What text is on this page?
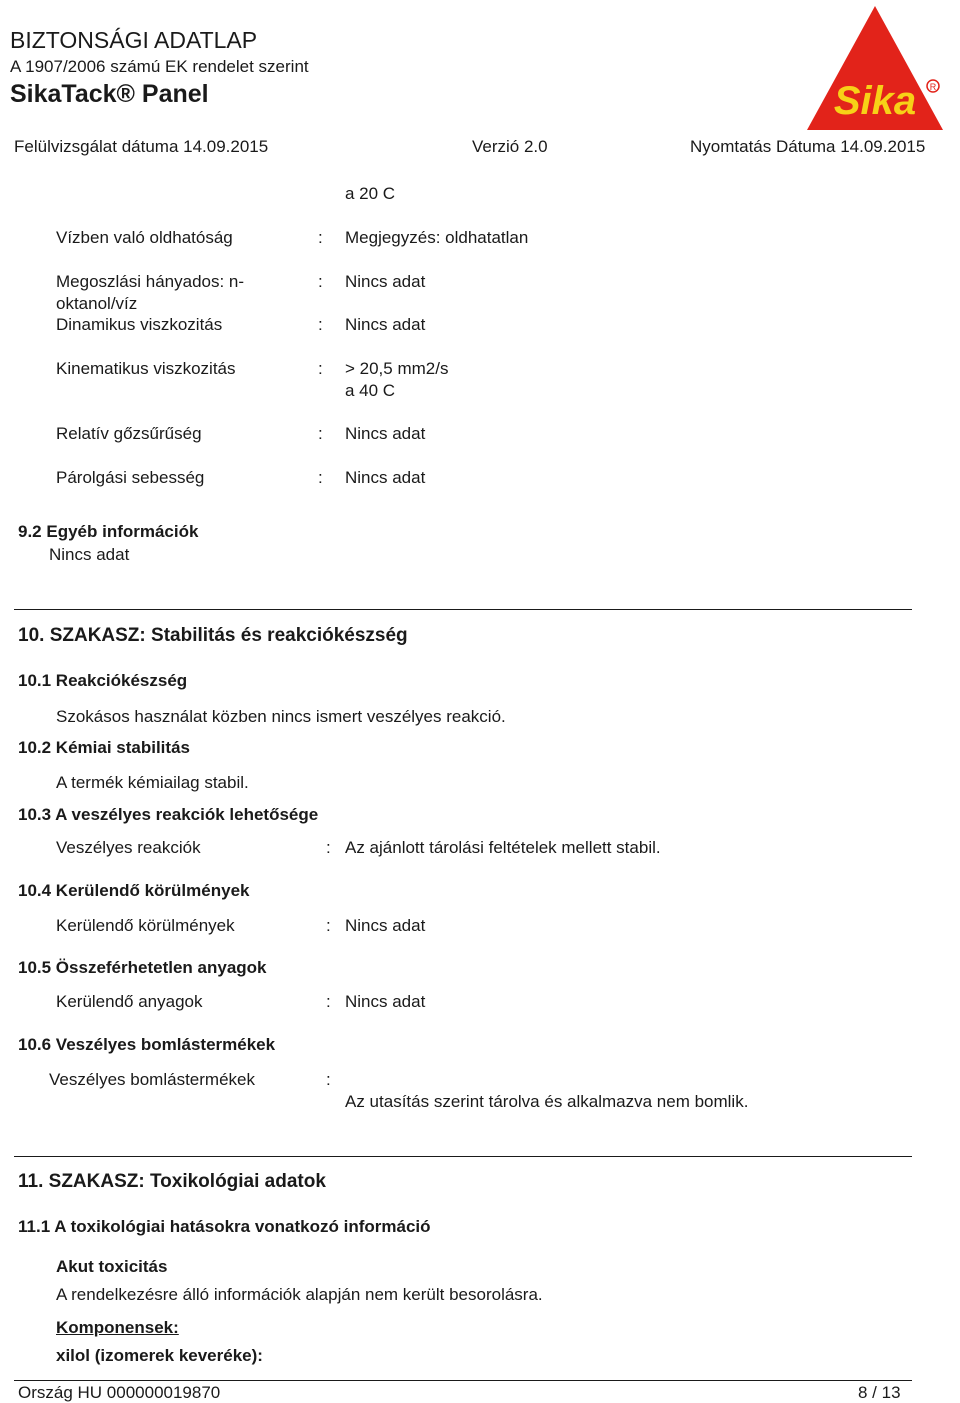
BIZTONSÁGI ADATLAP
A 1907/2006 számú EK rendelet szerint
SikaTack® Panel
Felülvizsgálat dátuma 14.09.2015	Verzió 2.0	Nyomtatás Dátuma 14.09.2015
Sika R
a 20 C
Vízben való oldhatóság	: Megjegyzés: oldhatatlan
Megoszlási hányados: n-
oktanol/víz
: Nincs adat
Dinamikus viszkozitás	: Nincs adat
Kinematikus viszkozitás	: > 20,5 mm2/s
a 40 C
Relatív gőzsűrűség	: Nincs adat
Párolgási sebesség	: Nincs adat
9.2 Egyéb információk
Nincs adat
10. SZAKASZ: Stabilitás és reakciókészség
10.1 Reakciókészség
Szokásos használat közben nincs ismert veszélyes reakció.
10.2 Kémiai stabilitás
A termék kémiailag stabil.
10.3 A veszélyes reakciók lehetősége
Veszélyes reakciók	: Az ajánlott tárolási feltételek mellett stabil.
10.4 Kerülendő körülmények
Kerülendő körülmények	: Nincs adat
10.5 Összeférhetetlen anyagok
Kerülendő anyagok	: Nincs adat
10.6 Veszélyes bomlástermékek
Veszélyes bomlástermékek	:
Az utasítás szerint tárolva és alkalmazva nem bomlik.
11. SZAKASZ: Toxikológiai adatok
11.1 A toxikológiai hatásokra vonatkozó információ
Akut toxicitás
A rendelkezésre álló információk alapján nem került besorolásra.
Komponensek:
xilol (izomerek keveréke):
Ország HU 000000019870	8 / 13
